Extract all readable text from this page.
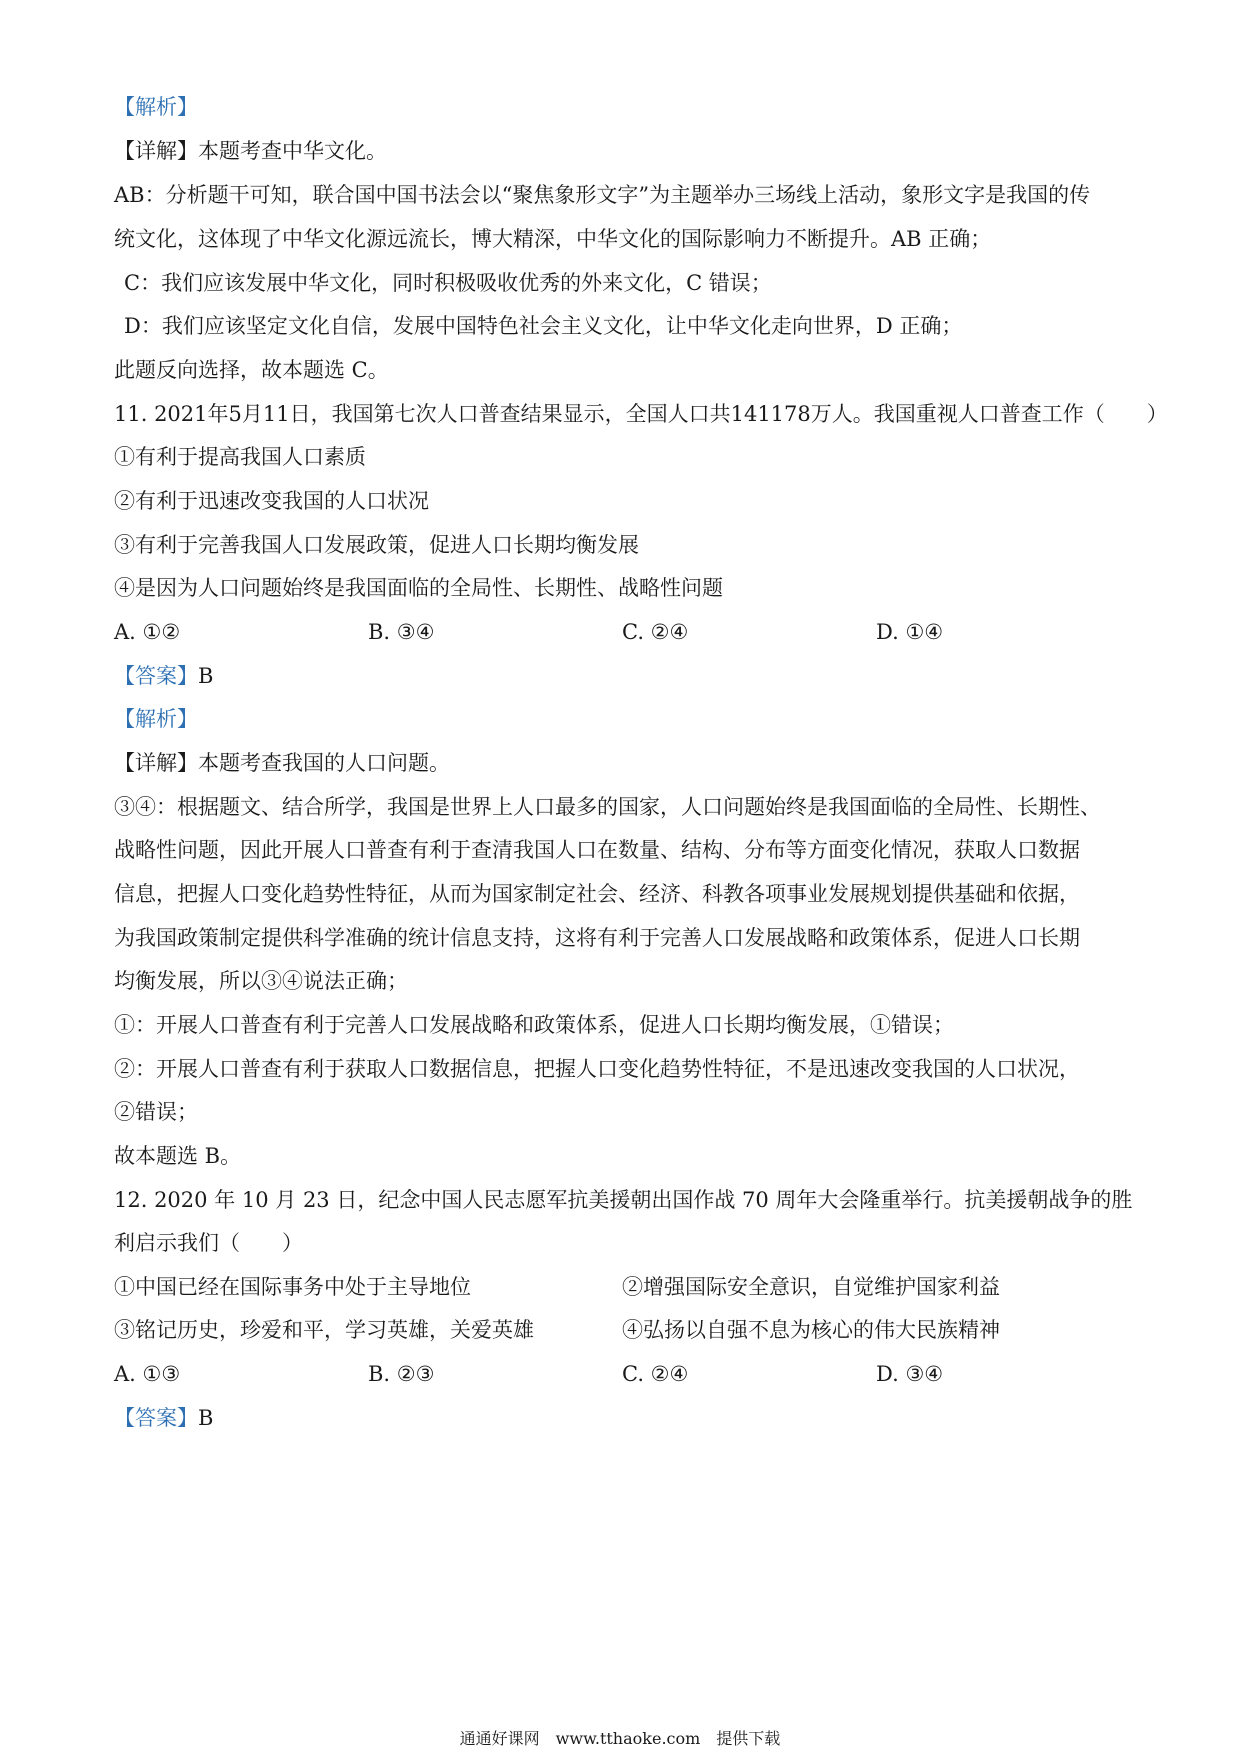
【解析】
【详解】本题考查中华文化。
AB：分析题干可知，联合国中国书法会以“聚焦象形文字”为主题举办三场线上活动，象形文字是我国的传
统文化，这体现了中华文化源远流长，博大精深，中华文化的国际影响力不断提升。AB 正确；
C：我们应该发展中华文化，同时积极吸收优秀的外来文化，C 错误；
D：我们应该坚定文化自信，发展中国特色社会主义文化，让中华文化走向世界，D 正确；
此题反向选择，故本题选 C。
11. 2021年5月11日，我国第七次人口普查结果显示，全国人口共141178万人。我国重视人口普查工作（　　）
①有利于提高我国人口素质
②有利于迅速改变我国的人口状况
③有利于完善我国人口发展政策，促进人口长期均衡发展
④是因为人口问题始终是我国面临的全局性、长期性、战略性问题
A. ①②	B. ③④	C. ②④	D. ①④
【答案】B
【解析】
【详解】本题考查我国的人口问题。
③④：根据题文、结合所学，我国是世界上人口最多的国家，人口问题始终是我国面临的全局性、长期性、
战略性问题，因此开展人口普查有利于查清我国人口在数量、结构、分布等方面变化情况，获取人口数据
信息，把握人口变化趋势性特征，从而为国家制定社会、经济、科教各项事业发展规划提供基础和依据，
为我国政策制定提供科学准确的统计信息支持，这将有利于完善人口发展战略和政策体系，促进人口长期
均衡发展，所以③④说法正确；
①：开展人口普查有利于完善人口发展战略和政策体系，促进人口长期均衡发展，①错误；
②：开展人口普查有利于获取人口数据信息，把握人口变化趋势性特征，不是迅速改变我国的人口状况，
②错误；
故本题选 B。
12. 2020 年 10 月 23 日，纪念中国人民志愿军抗美援朝出国作战 70 周年大会隆重举行。抗美援朝战争的胜
利启示我们（　　）
①中国已经在国际事务中处于主导地位	②增强国际安全意识，自觉维护国家利益
③铭记历史，珍爱和平，学习英雄，关爱英雄	④弘扬以自强不息为核心的伟大民族精神
A. ①③	B. ②③	C. ②④	D. ③④
【答案】B
通通好课网　www.tthaoke.com　提供下载
